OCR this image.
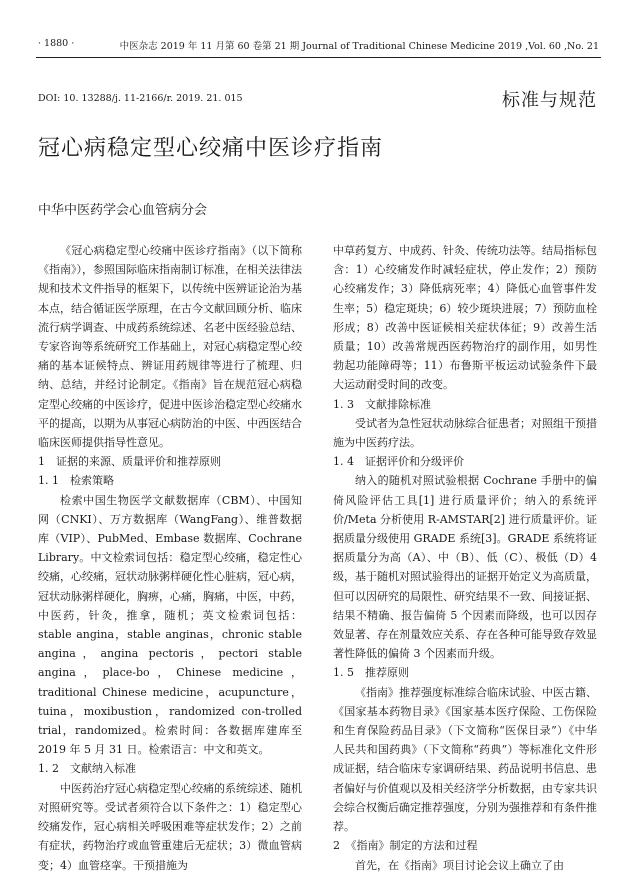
· 1880 ·	中医杂志 2019 年 11 月第 60 卷第 21 期 Journal of Traditional Chinese Medicine 2019 ,Vol. 60 ,No. 21
DOI: 10. 13288/j. 11-2166/r. 2019. 21. 015	标准与规范
冠心病稳定型心绞痛中医诊疗指南
中华中医药学会心血管病分会

《冠心病稳定型心绞痛中医诊疗指南》（以下简称《指南》），参照国际临床指南制订标准，在相关法律法规和技术文件指导的框架下，以传统中医辨证论治为基本点，结合循证医学原理，在古今文献回顾分析、临床流行病学调查、中成药系统综述、名老中医经验总结、专家咨询等系统研究工作基础上，对冠心病稳定型心绞痛的基本证候特点、辨证用药规律等进行了梳理、归纳、总结，并经讨论制定。《指南》旨在规范冠心病稳定型心绞痛的中医诊疗，促进中医诊治稳定型心绞痛水平的提高，以期为从事冠心病防治的中医、中西医结合临床医师提供指导性意见。

1　证据的来源、质量评价和推荐原则

1. 1　检索策略

检索中国生物医学文献数据库（CBM）、中国知网（CNKI）、万方数据库（WangFang）、维普数据库（VIP）、PubMed、Embase 数据库、Cochrane Library。中文检索词包括：稳定型心绞痛，稳定性心绞痛，心绞痛，冠状动脉粥样硬化性心脏病，冠心病，冠状动脉粥样硬化，胸痹，心痛，胸痛，中医，中药，中医药，针灸，推拿，随机；英文检索词包括：stable angina，stable anginas，chronic stable angina，angina pectoris，pectori stable angina，place-bo，Chinese medicine，traditional Chinese medicine，acupuncture，tuina，moxibustion，randomized con-trolled trial，randomized。检索时间：各数据库建库至 2019 年 5 月 31 日。检索语言：中文和英文。

1. 2　文献纳入标准

中医药治疗冠心病稳定型心绞痛的系统综述、随机对照研究等。受试者须符合以下条件之：1）稳定型心绞痛发作，冠心病相关呼吸困难等症状发作；2）之前有症状，药物治疗或血管重建后无症状；3）微血管病变；4）血管痉挛。干预措施为

中草药复方、中成药、针灸、传统功法等。结局指标包含：1）心绞痛发作时减轻症状，停止发作；2）预防心绞痛发作；3）降低病死率；4）降低心血管事件发生率；5）稳定斑块；6）较少斑块进展；7）预防血栓形成；8）改善中医证候相关症状体征；9）改善生活质量；10）改善常规西医药物治疗的副作用，如男性勃起功能障碍等；11）布鲁斯平板运动试验条件下最大运动耐受时间的改变。

1. 3　文献排除标准

受试者为急性冠状动脉综合征患者；对照组干预措施为中医药疗法。

1. 4　证据评价和分级评价

纳入的随机对照试验根据 Cochrane 手册中的偏倚风险评估工具[1] 进行质量评价；纳入的系统评价/Meta 分析使用 R-AMSTAR[2] 进行质量评价。证据质量分级使用 GRADE 系统[3]。GRADE 系统将证据质量分为高（A）、中（B）、低（C）、极低（D）4 级，基于随机对照试验得出的证据开始定义为高质量，但可以因研究的局限性、研究结果不一致、间接证据、结果不精确、报告偏倚 5 个因素而降级，也可以因存效显著、存在剂量效应关系、存在各种可能导致存效显著性降低的偏倚 3 个因素而升级。

1. 5　推荐原则

《指南》推荐强度标准综合临床试验、中医古籍、《国家基本药物目录》《国家基本医疗保险、工伤保险和生育保险药品目录》（下文简称“医保目录”）《中华人民共和国药典》（下文简称“药典”）等标准化文件形成证据，结合临床专家调研结果、药品说明书信息、患者偏好与价值观以及相关经济学分析数据，由专家共识会综合权衡后确定推荐强度，分别为强推荐和有条件推荐。

2　《指南》制定的方法和过程

首先，在《指南》项目讨论会议上确立了由
